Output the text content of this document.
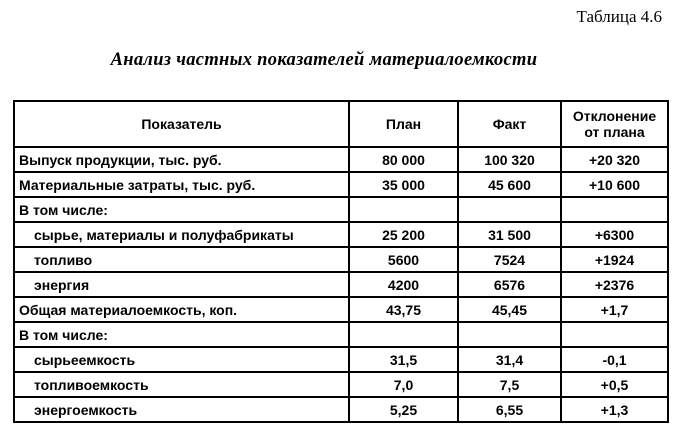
Таблица 4.6
Анализ частных показателей материалоемкости
Показатель	План	Факт	Отклонение от плана
Выпуск продукции, тыс. руб.	80 000	100 320	+20 320
Материальные затраты, тыс. руб.	35 000	45 600	+10 600
В том числе:			
сырье, материалы и полуфабрикаты	25 200	31 500	+6300
топливо	5600	7524	+1924
энергия	4200	6576	+2376
Общая материалоемкость, коп.	43,75	45,45	+1,7
В том числе:			
сырьеемкость	31,5	31,4	-0,1
топливоемкость	7,0	7,5	+0,5
энергоемкость	5,25	6,55	+1,3
